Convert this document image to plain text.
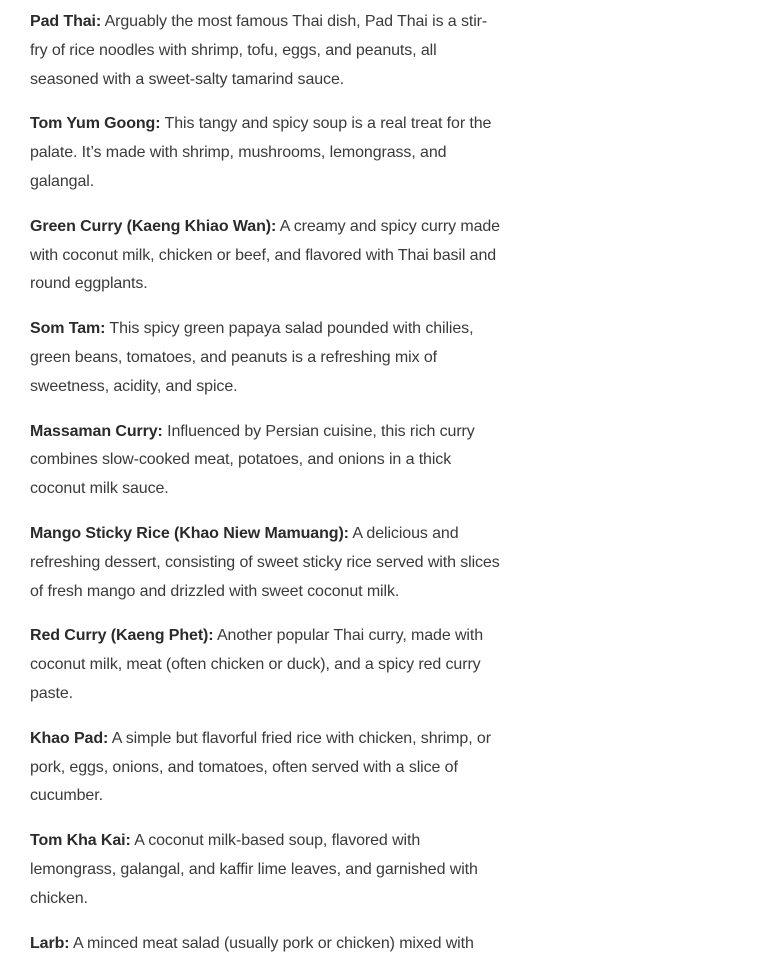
Pad Thai: Arguably the most famous Thai dish, Pad Thai is a stir-fry of rice noodles with shrimp, tofu, eggs, and peanuts, all seasoned with a sweet-salty tamarind sauce.

Tom Yum Goong: This tangy and spicy soup is a real treat for the palate. It’s made with shrimp, mushrooms, lemongrass, and galangal.

Green Curry (Kaeng Khiao Wan): A creamy and spicy curry made with coconut milk, chicken or beef, and flavored with Thai basil and round eggplants.

Som Tam: This spicy green papaya salad pounded with chilies, green beans, tomatoes, and peanuts is a refreshing mix of sweetness, acidity, and spice.

Massaman Curry: Influenced by Persian cuisine, this rich curry combines slow-cooked meat, potatoes, and onions in a thick coconut milk sauce.

Mango Sticky Rice (Khao Niew Mamuang): A delicious and refreshing dessert, consisting of sweet sticky rice served with slices of fresh mango and drizzled with sweet coconut milk.

Red Curry (Kaeng Phet): Another popular Thai curry, made with coconut milk, meat (often chicken or duck), and a spicy red curry paste.

Khao Pad: A simple but flavorful fried rice with chicken, shrimp, or pork, eggs, onions, and tomatoes, often served with a slice of cucumber.

Tom Kha Kai: A coconut milk-based soup, flavored with lemongrass, galangal, and kaffir lime leaves, and garnished with chicken.

Larb: A minced meat salad (usually pork or chicken) mixed with
